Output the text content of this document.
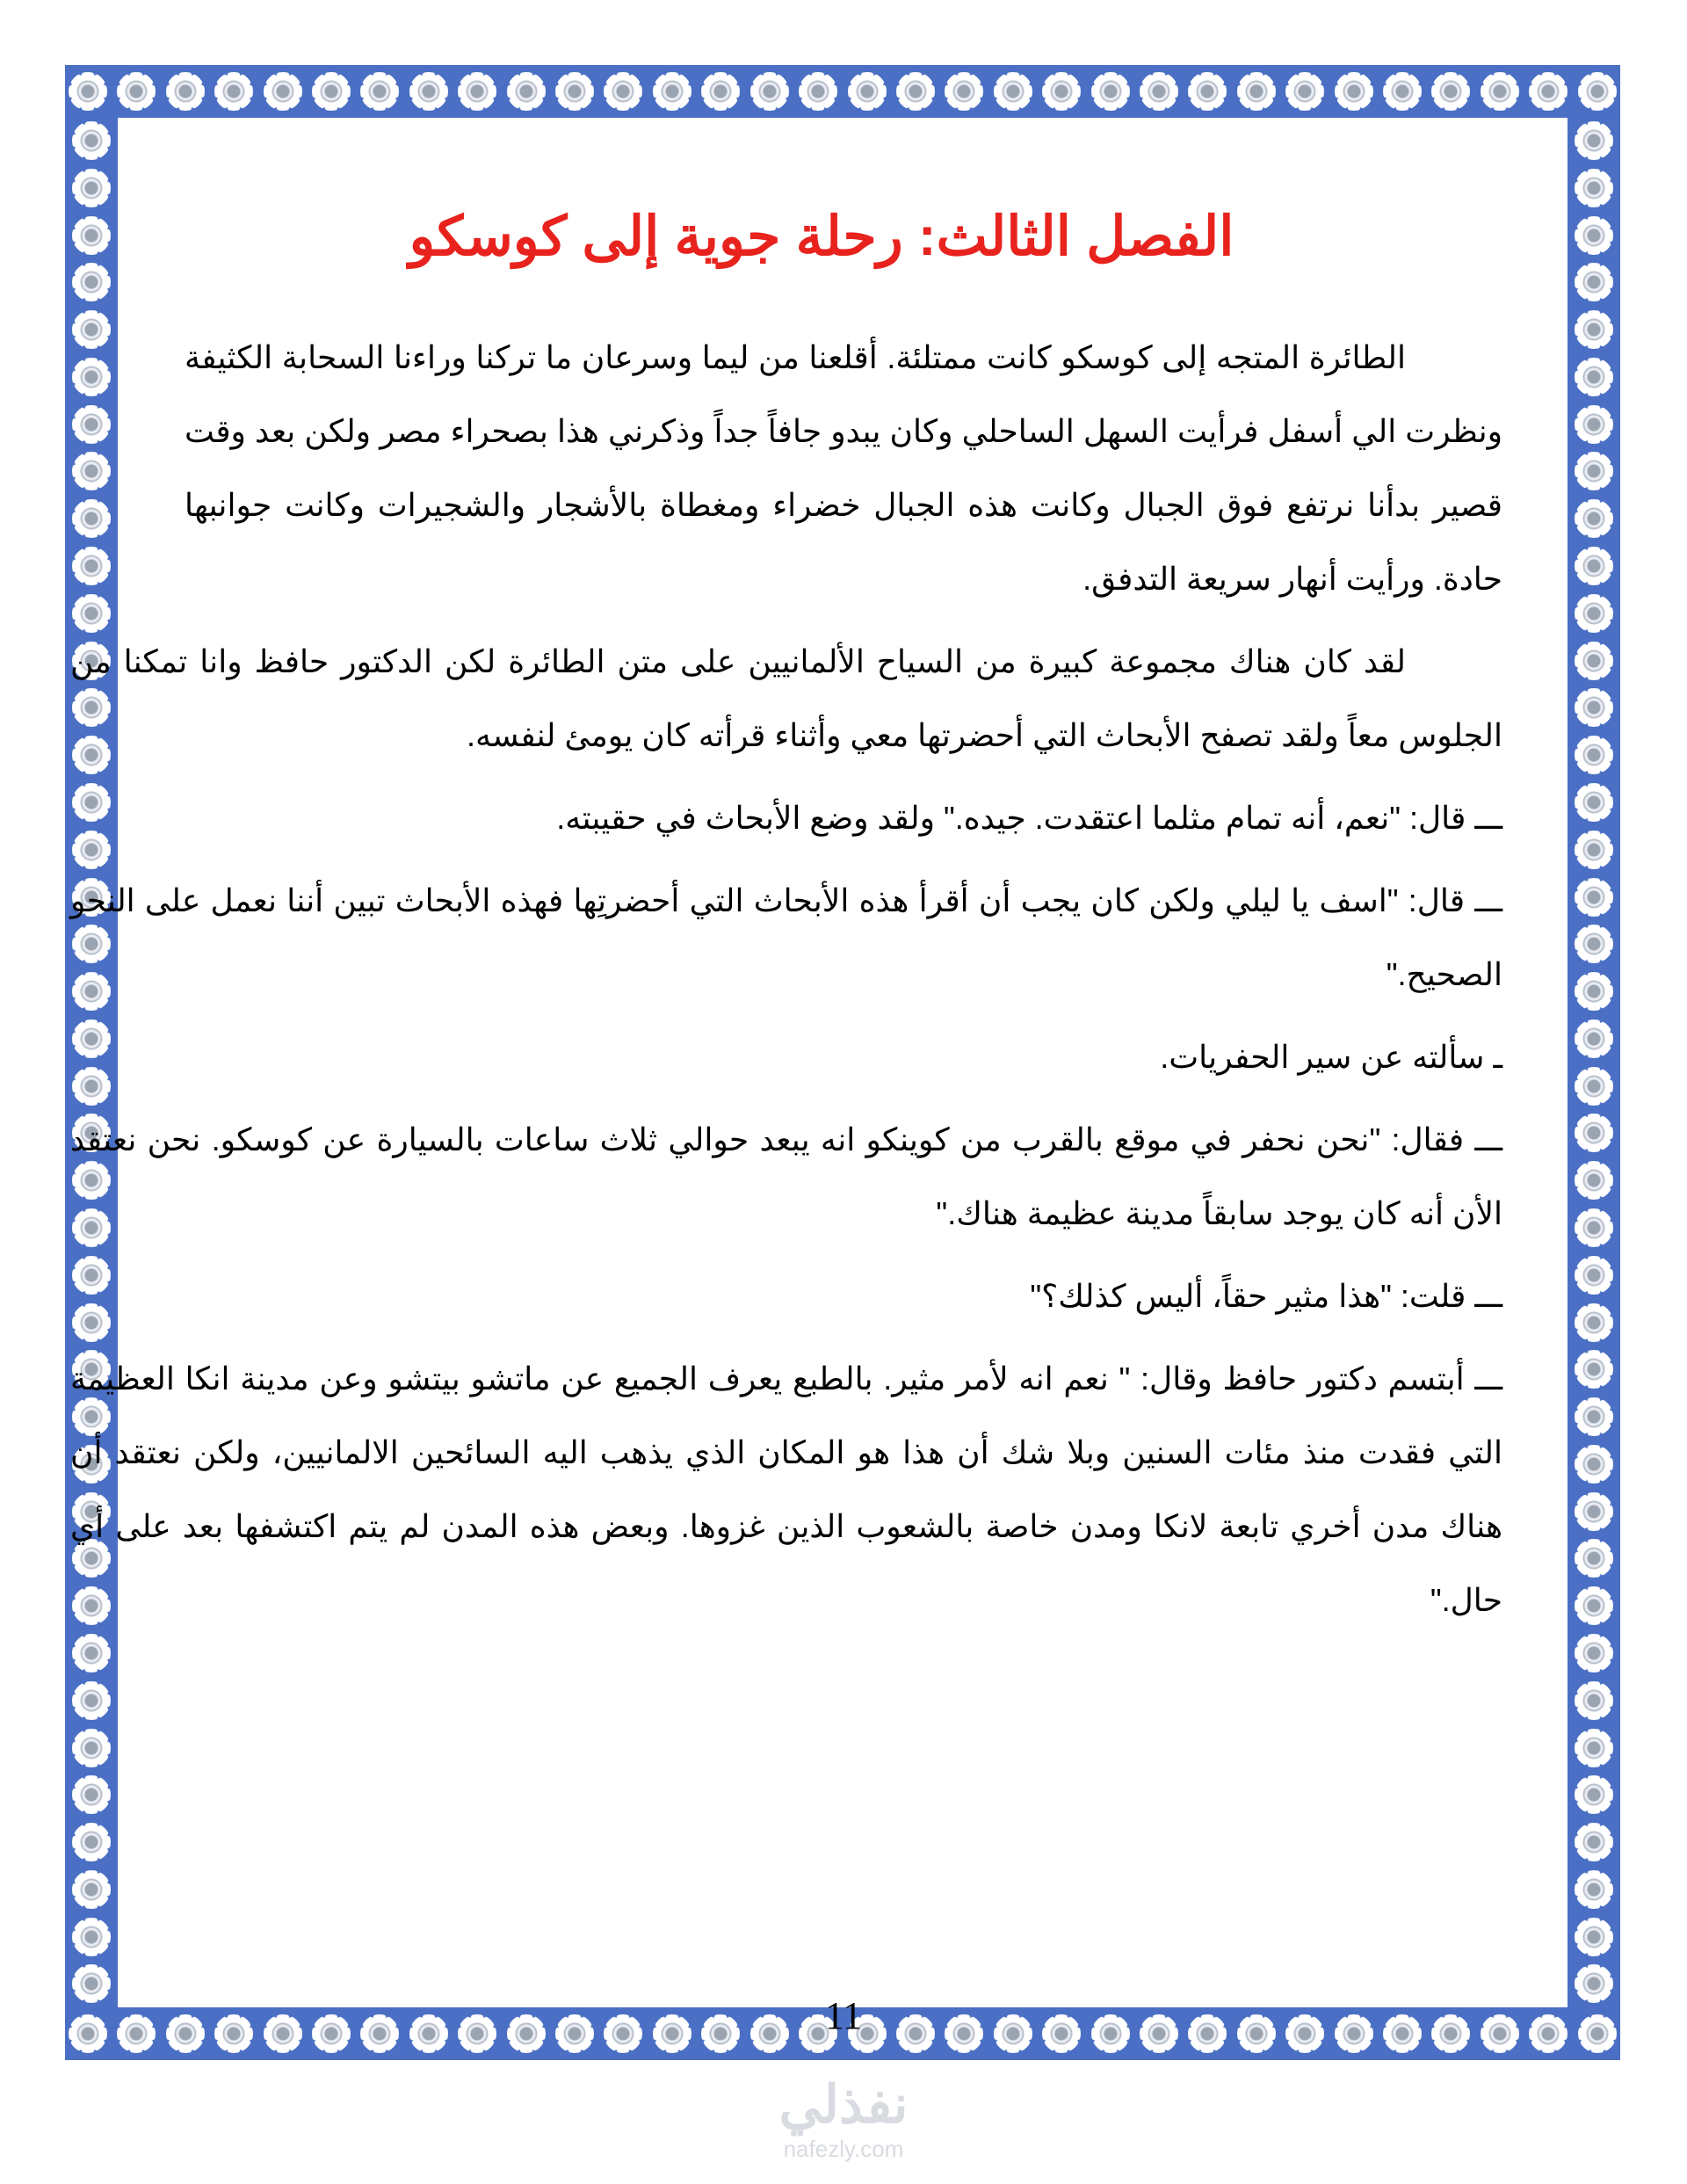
الفصل الثالث: رحلة جوية إلى كوسكو

الطائرة المتجه إلى كوسكو كانت ممتلئة. أقلعنا من ليما وسرعان ما تركنا وراءنا السحابة الكثيفة ونظرت الي أسفل فرأيت السهل الساحلي وكان يبدو جافاً جداً وذكرني هذا بصحراء مصر ولكن بعد وقت قصير بدأنا نرتفع فوق الجبال وكانت هذه الجبال خضراء ومغطاة بالأشجار والشجيرات وكانت جوانبها حادة. ورأيت أنهار سريعة التدفق.

لقد كان هناك مجموعة كبيرة من السياح الألمانيين على متن الطائرة لكن الدكتور حافظ وانا تمكنا من الجلوس معاً ولقد تصفح الأبحاث التي أحضرتها معي وأثناء قرأته كان يومئ لنفسه.

ـــ قال: "نعم، أنه تمام مثلما اعتقدت. جيده." ولقد وضع الأبحاث في حقيبته.

ـــ قال: "اسف يا ليلي ولكن كان يجب أن أقرأ هذه الأبحاث التي أحضرتِها فهذه الأبحاث تبين أننا نعمل على النحو الصحيح."

ـ سألته عن سير الحفريات.

ـــ فقال: "نحن نحفر في موقع بالقرب من كوينكو انه يبعد حوالي ثلاث ساعات بالسيارة عن كوسكو. نحن نعتقد الأن أنه كان يوجد سابقاً مدينة عظيمة هناك."

ـــ قلت: "هذا مثير حقاً، أليس كذلك؟"

ـــ أبتسم دكتور حافظ وقال: " نعم انه لأمر مثير. بالطبع يعرف الجميع عن ماتشو بيتشو وعن مدينة انكا العظيمة التي فقدت منذ مئات السنين وبلا شك أن هذا هو المكان الذي يذهب اليه السائحين الالمانيين، ولكن نعتقد أن هناك مدن أخري تابعة لانكا ومدن خاصة بالشعوب الذين غزوها. وبعض هذه المدن لم يتم اكتشفها بعد على أي حال."

11
نفذلي
nafezly.com
